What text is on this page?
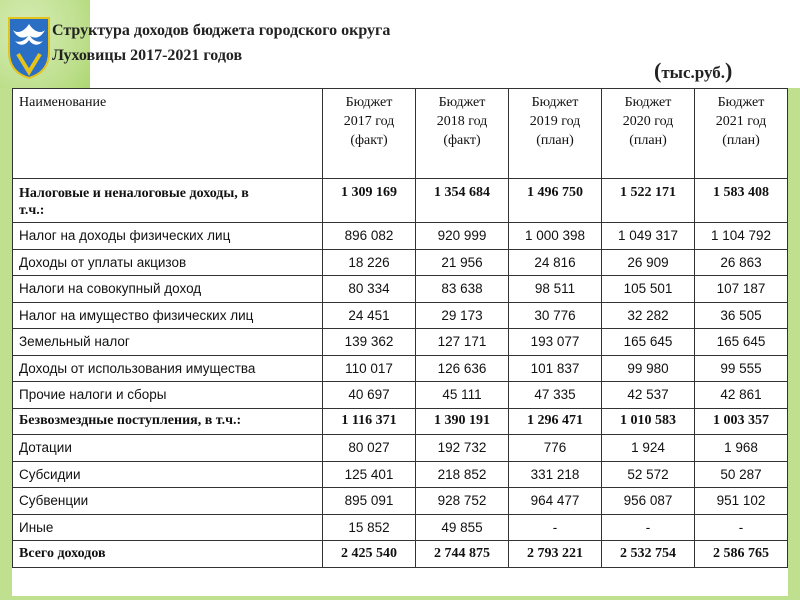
Структура доходов бюджета городского округа
Луховицы 2017-2021 годов
(тыс.руб.)
Наименование	Бюджет
2017 год
(факт)	Бюджет
2018 год
(факт)	Бюджет
2019 год
(план)	Бюджет
2020 год
(план)	Бюджет
2021 год
(план)
Налоговые и неналоговые доходы, в
т.ч.:	1 309 169	1 354 684	1 496 750	1 522 171	1 583 408
Налог на доходы физических лиц	896 082	920 999	1 000 398	1 049 317	1 104 792
Доходы от уплаты акцизов	18 226	21 956	24 816	26 909	26 863
Налоги на совокупный доход	80 334	83 638	98 511	105 501	107 187
Налог на имущество физических лиц	24 451	29 173	30 776	32 282	36 505
Земельный налог	139 362	127 171	193 077	165 645	165 645
Доходы от использования имущества	110 017	126 636	101 837	99 980	99 555
Прочие налоги и сборы	40 697	45 111	47 335	42 537	42 861
Безвозмездные поступления, в т.ч.:	1 116 371	1 390 191	1 296 471	1 010 583	1 003 357
Дотации	80 027	192 732	776	1 924	1 968
Субсидии	125 401	218 852	331 218	52 572	50 287
Субвенции	895 091	928 752	964 477	956 087	951 102
Иные	15 852	49 855	-	-	-
Всего доходов	2 425 540	2 744 875	2 793 221	2 532 754	2 586 765
